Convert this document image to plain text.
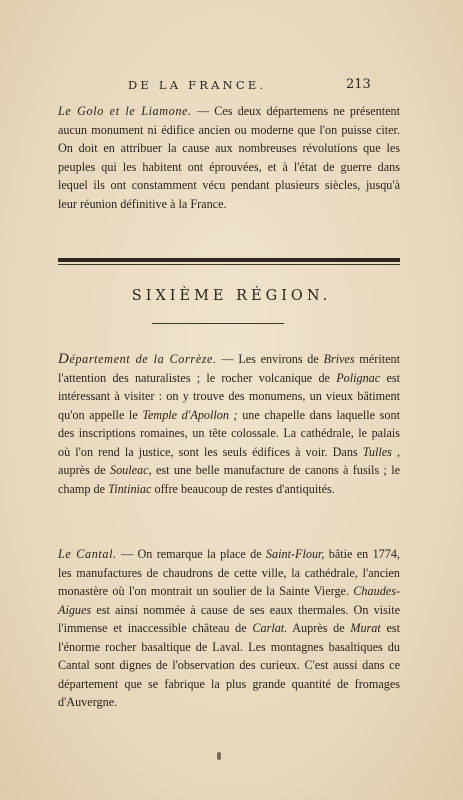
DE LA FRANCE.	213

Le Golo et le Liamone. — Ces deux départemens ne présentent aucun monument ni édifice ancien ou moderne que l'on puisse citer. On doit en attribuer la cause aux nombreuses révolutions que les peuples qui les habitent ont éprouvées, et à l'état de guerre dans lequel ils ont constamment vécu pendant plusieurs siècles, jusqu'à leur réunion définitive à la France.

SIXIÈME RÉGION.

Département de la Corrèze. — Les environs de Brives méritent l'attention des naturalistes ; le rocher volcanique de Polignac est intéressant à visiter : on y trouve des monumens, un vieux bâtiment qu'on appelle le Temple d'Apollon ; une chapelle dans laquelle sont des inscriptions romaines, un tête colossale. La cathédrale, le palais où l'on rend la justice, sont les seuls édifices à voir. Dans Tulles , auprès de Souleac, est une belle manufacture de canons à fusils ; le champ de Tintiniac offre beaucoup de restes d'antiquités.

Le Cantal. — On remarque la place de Saint-Flour, bâtie en 1774, les manufactures de chaudrons de cette ville, la cathédrale, l'ancien monastère où l'on montrait un soulier de la Sainte Vierge. Chaudes-Aigues est ainsi nommée à cause de ses eaux thermales. On visite l'immense et inaccessible château de Carlat. Auprès de Murat est l'énorme rocher basaltique de Laval. Les montagnes basaltiques du Cantal sont dignes de l'observation des curieux. C'est aussi dans ce département que se fabrique la plus grande quantité de fromages d'Auvergne.
